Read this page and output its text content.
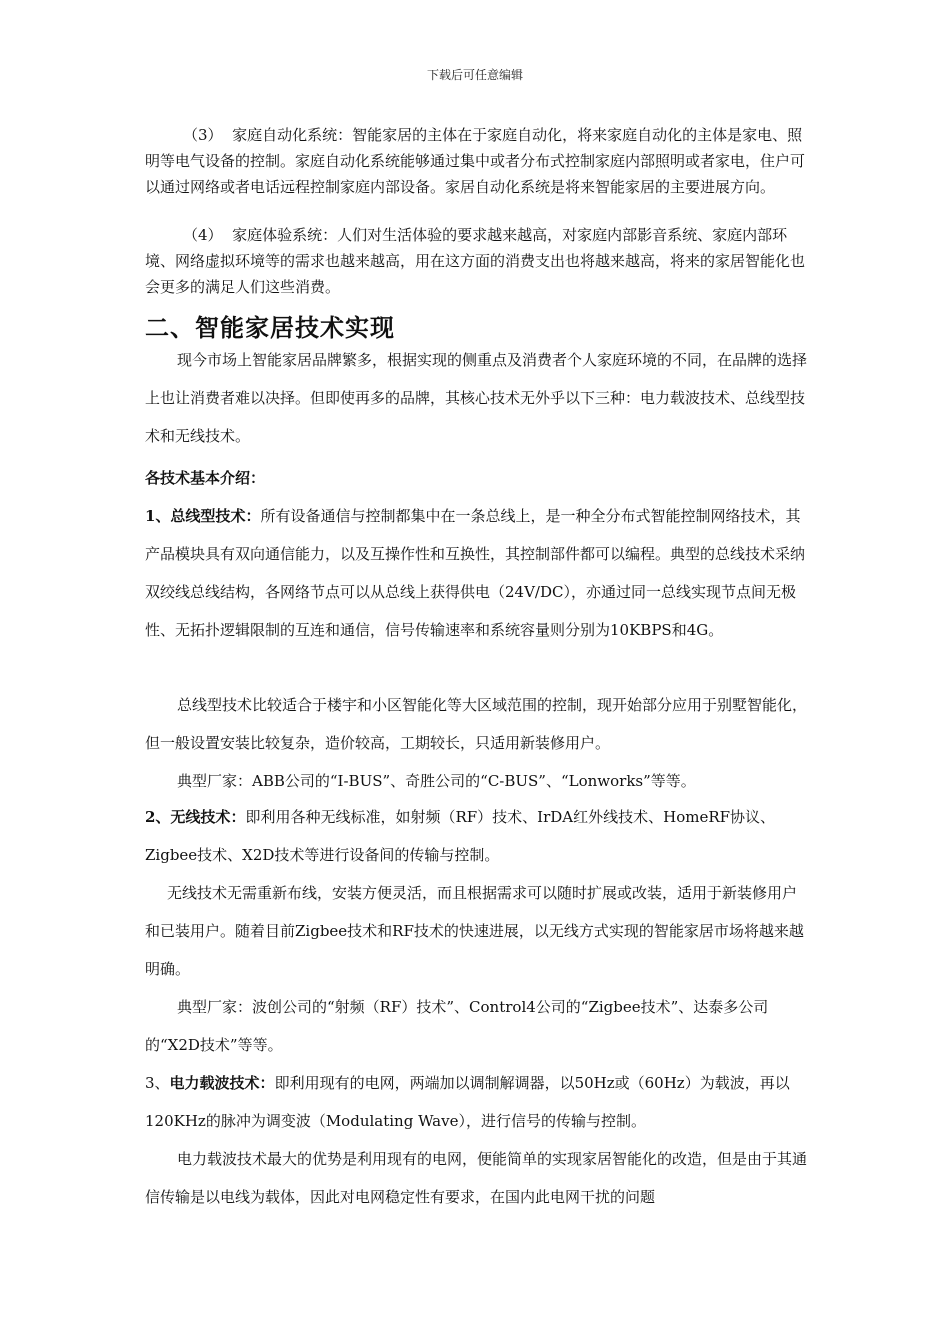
下载后可任意编辑
（3） 家庭自动化系统：智能家居的主体在于家庭自动化，将来家庭自动化的主体是家电、照明等电气设备的控制。家庭自动化系统能够通过集中或者分布式控制家庭内部照明或者家电，住户可以通过网络或者电话远程控制家庭内部设备。家居自动化系统是将来智能家居的主要进展方向。
（4） 家庭体验系统：人们对生活体验的要求越来越高，对家庭内部影音系统、家庭内部环境、网络虚拟环境等的需求也越来越高，用在这方面的消费支出也将越来越高，将来的家居智能化也会更多的满足人们这些消费。
二、智能家居技术实现
现今市场上智能家居品牌繁多，根据实现的侧重点及消费者个人家庭环境的不同，在品牌的选择上也让消费者难以决择。但即使再多的品牌，其核心技术无外乎以下三种：电力载波技术、总线型技术和无线技术。
各技术基本介绍：
1、总线型技术：所有设备通信与控制都集中在一条总线上，是一种全分布式智能控制网络技术，其产品模块具有双向通信能力，以及互操作性和互换性，其控制部件都可以编程。典型的总线技术采纳双绞线总线结构，各网络节点可以从总线上获得供电（24V/DC），亦通过同一总线实现节点间无极性、无拓扑逻辑限制的互连和通信，信号传输速率和系统容量则分别为10KBPS和4G。
总线型技术比较适合于楼宇和小区智能化等大区域范围的控制，现开始部分应用于别墅智能化，但一般设置安装比较复杂，造价较高，工期较长，只适用新装修用户。
典型厂家：ABB公司的“I-BUS”、奇胜公司的“C-BUS”、“Lonworks”等等。
2、无线技术：即利用各种无线标准，如射频（RF）技术、IrDA红外线技术、HomeRF协议、Zigbee技术、X2D技术等进行设备间的传输与控制。
无线技术无需重新布线，安装方便灵活，而且根据需求可以随时扩展或改装，适用于新装修用户和已装用户。随着目前Zigbee技术和RF技术的快速进展，以无线方式实现的智能家居市场将越来越明确。
典型厂家：波创公司的“射频（RF）技术”、Control4公司的“Zigbee技术”、达泰多公司的“X2D技术”等等。
3、电力载波技术：即利用现有的电网，两端加以调制解调器，以50Hz或（60Hz）为载波，再以120KHz的脉冲为调变波（Modulating Wave），进行信号的传输与控制。
电力载波技术最大的优势是利用现有的电网，便能简单的实现家居智能化的改造，但是由于其通信传输是以电线为载体，因此对电网稳定性有要求，在国内此电网干扰的问题
